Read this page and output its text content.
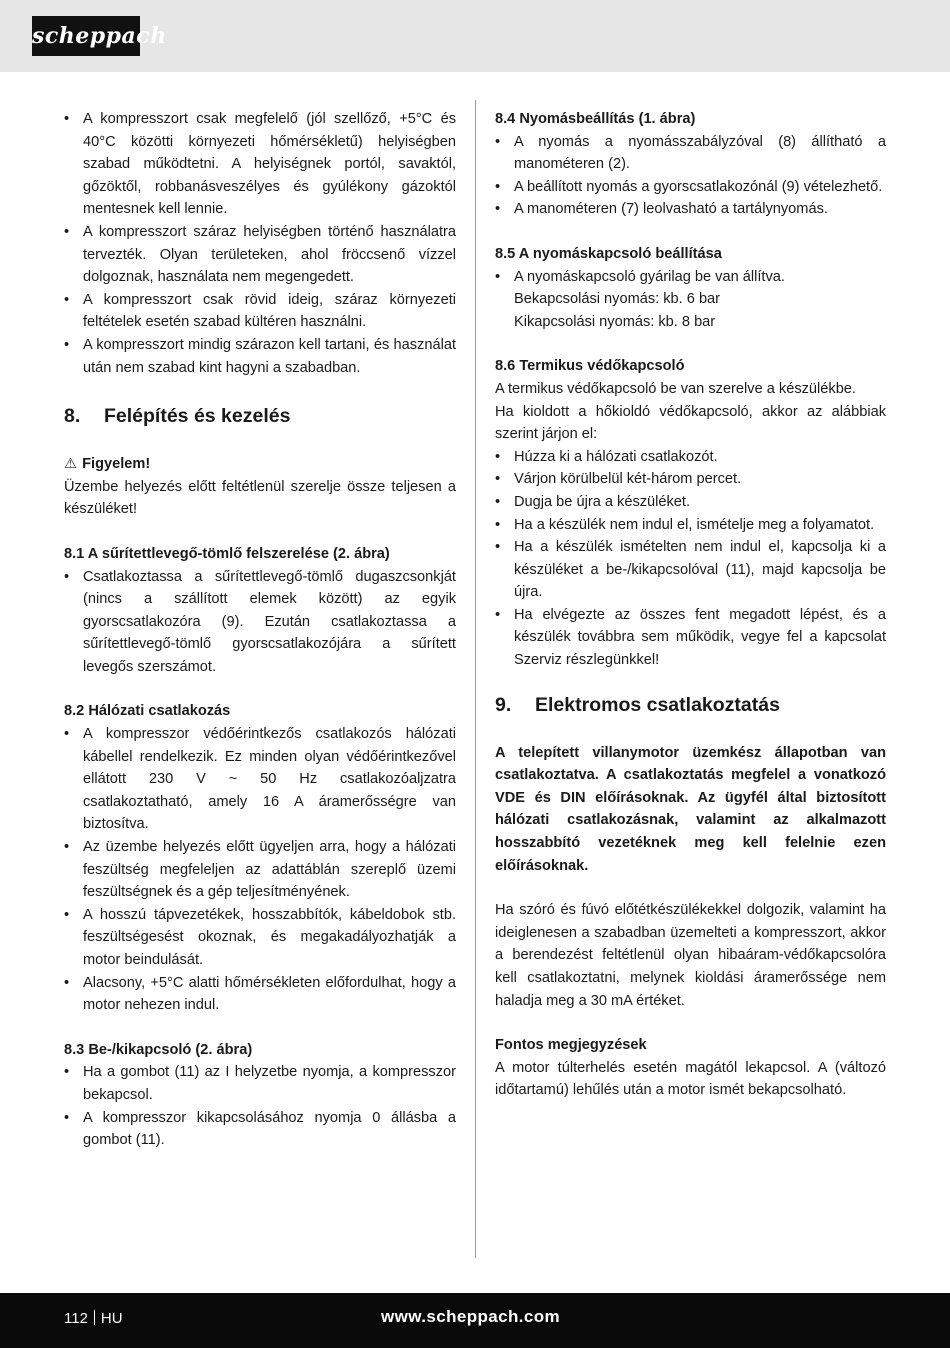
scheppach
• A kompresszort csak megfelelő (jól szellőző, +5°C és 40°C közötti környezeti hőmérsékletű) helyiségben szabad működtetni. A helyiségnek portól, savaktól, gőzöktől, robbanásveszélyes és gyúlékony gázoktól mentesnek kell lennie.
• A kompresszort száraz helyiségben történő használatra tervezték. Olyan területeken, ahol fröccsenő vízzel dolgoznak, használata nem megengedett.
• A kompresszort csak rövid ideig, száraz környezeti feltételek esetén szabad kültéren használni.
• A kompresszort mindig szárazon kell tartani, és használat után nem szabad kint hagyni a szabadban.
8.	Felépítés és kezelés
⚠ Figyelem!

Üzembe helyezés előtt feltétlenül szerelje össze teljesen a készüléket!

8.1 A sűrítettlevegő-tömlő felszerelése (2. ábra)
• Csatlakoztassa a sűrítettlevegő-tömlő dugaszcsonkját (nincs a szállított elemek között) az egyik gyorscsatlakozóra (9). Ezután csatlakoztassa a sűrítettlevegő-tömlő gyorscsatlakozójára a sűrített levegős szerszámot.
8.2 Hálózati csatlakozás
• A kompresszor védőérintkezős csatlakozós hálózati kábellel rendelkezik. Ez minden olyan védőérintkezővel ellátott 230 V ~ 50 Hz csatlakozóaljzatra csatlakoztatható, amely 16 A áramerősségre van biztosítva.
• Az üzembe helyezés előtt ügyeljen arra, hogy a hálózati feszültség megfeleljen az adattáblán szereplő üzemi feszültségnek és a gép teljesítményének.
• A hosszú tápvezetékek, hosszabbítók, kábeldobok stb. feszültségesést okoznak, és megakadályozhatják a motor beindulását.
• Alacsony, +5°C alatti hőmérsékleten előfordulhat, hogy a motor nehezen indul.
8.3 Be-/kikapcsoló (2. ábra)
• Ha a gombot (11) az I helyzetbe nyomja, a kompresszor bekapcsol.
• A kompresszor kikapcsolásához nyomja 0 állásba a gombot (11).
8.4 Nyomásbeállítás (1. ábra)
• A nyomás a nyomásszabályzóval (8) állítható a manométeren (2).
• A beállított nyomás a gyorscsatlakozónál (9) vételezhető.
• A manométeren (7) leolvasható a tartálynyomás.
8.5 A nyomáskapcsoló beállítása
• A nyomáskapcsoló gyárilag be van állítva.
Bekapcsolási nyomás: kb. 6 bar
Kikapcsolási nyomás: kb. 8 bar
8.6 Termikus védőkapcsoló

A termikus védőkapcsoló be van szerelve a készülékbe.

Ha kioldott a hőkioldó védőkapcsoló, akkor az alábbiak szerint járjon el:

• Húzza ki a hálózati csatlakozót.
• Várjon körülbelül két-három percet.
• Dugja be újra a készüléket.
• Ha a készülék nem indul el, ismételje meg a folyamatot.
• Ha a készülék ismételten nem indul el, kapcsolja ki a készüléket a be-/kikapcsolóval (11), majd kapcsolja be újra.
• Ha elvégezte az összes fent megadott lépést, és a készülék továbbra sem működik, vegye fel a kapcsolat Szerviz részlegünkkel!
9.	Elektromos csatlakoztatás

A telepített villanymotor üzemkész állapotban van csatlakoztatva. A csatlakoztatás megfelel a vonatkozó VDE és DIN előírásoknak. Az ügyfél által biztosított hálózati csatlakozásnak, valamint az alkalmazott hosszabbító vezetéknek meg kell felelnie ezen előírásoknak.

Ha szóró és fúvó előtétkészülékekkel dolgozik, valamint ha ideiglenesen a szabadban üzemelteti a kompresszort, akkor a berendezést feltétlenül olyan hibaáram-védőkapcsolóra kell csatlakoztatni, melynek kioldási áramerőssége nem haladja meg a 30 mA értéket.

Fontos megjegyzések

A motor túlterhelés esetén magától lekapcsol. A (változó időtartamú) lehűlés után a motor ismét bekapcsolható.

112 HU	www.scheppach.com
